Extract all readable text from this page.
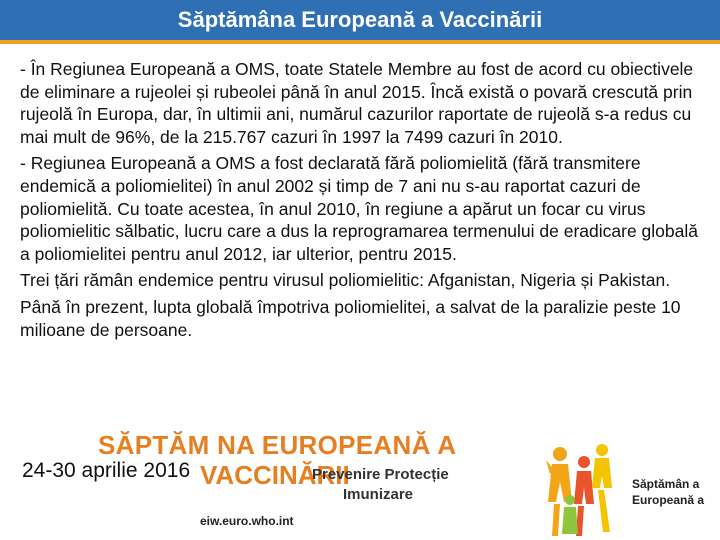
Săptămâna Europeană a Vaccinării

- În Regiunea Europeană a OMS, toate Statele Membre au fost de acord cu obiectivele de eliminare a rujeolei și rubeolei până în anul 2015. Încă există o povară crescută prin rujeolă în Europa, dar, în ultimii ani, numărul cazurilor raportate de rujeolă s-a redus cu mai mult de 96%, de la 215.767 cazuri în 1997 la 7499 cazuri în 2010.

- Regiunea Europeană a OMS a fost declarată fără poliomielită (fără transmitere endemică a poliomielitei) în anul 2002 și timp de 7 ani nu s-au raportat cazuri de poliomielită. Cu toate acestea, în anul 2010, în regiune a apărut un focar cu virus poliomielitic sălbatic, lucru care a dus la reprogramarea termenului de eradicare globală a poliomielitei pentru anul 2012, iar ulterior, pentru 2015.

Trei țări rămân endemice pentru virusul poliomielitic: Afganistan, Nigeria și Pakistan.

Până în prezent, lupta globală împotriva poliomielitei, a salvat de la paralizie peste 10 milioane de persoane.

SĂPTĂM NA EUROPEANĂ A
24-30 aprilie 2016 VACCINĂRII
Prevenire Protecție
Imunizare
eiw.euro.who.int
Săptămân a Europeană a
